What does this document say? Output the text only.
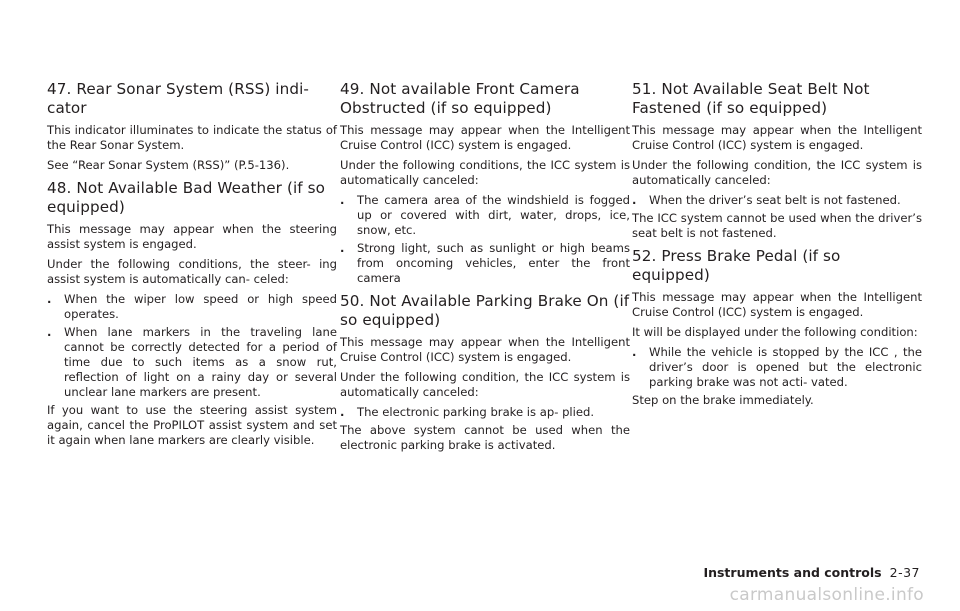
47. Rear Sonar System (RSS) indi- cator

This indicator illuminates to indicate the status of the Rear Sonar System.

See “Rear Sonar System (RSS)” (P.5-136).

48. Not Available Bad Weather (if so equipped)

This message may appear when the steering assist system is engaged.

Under the following conditions, the steer- ing assist system is automatically can- celed:

. When the wiper low speed or high speed operates.
. When lane markers in the traveling lane cannot be correctly detected for a period of time due to such items as a snow rut, reflection of light on a rainy day or several unclear lane markers are present.

If you want to use the steering assist system again, cancel the ProPILOT assist system and set it again when lane markers are clearly visible.

49. Not available Front Camera Obstructed (if so equipped)

This message may appear when the Intelligent Cruise Control (ICC) system is engaged.

Under the following conditions, the ICC system is automatically canceled:

. The camera area of the windshield is fogged up or covered with dirt, water, drops, ice, snow, etc.
. Strong light, such as sunlight or high beams from oncoming vehicles, enter the front camera
50. Not Available Parking Brake On (if so equipped)

This message may appear when the Intelligent Cruise Control (ICC) system is engaged.

Under the following condition, the ICC system is automatically canceled:

. The electronic parking brake is ap- plied.

The above system cannot be used when the electronic parking brake is activated.

51. Not Available Seat Belt Not Fastened (if so equipped)

This message may appear when the Intelligent Cruise Control (ICC) system is engaged.

Under the following condition, the ICC system is automatically canceled:

. When the driver’s seat belt is not fastened.

The ICC system cannot be used when the driver’s seat belt is not fastened.

52. Press Brake Pedal (if so equipped)

This message may appear when the Intelligent Cruise Control (ICC) system is engaged.

It will be displayed under the following condition:

. While the vehicle is stopped by the ICC , the driver’s door is opened but the electronic parking brake was not acti- vated.

Step on the brake immediately.

Instruments and controls 2-37
carmanualsonline.info
